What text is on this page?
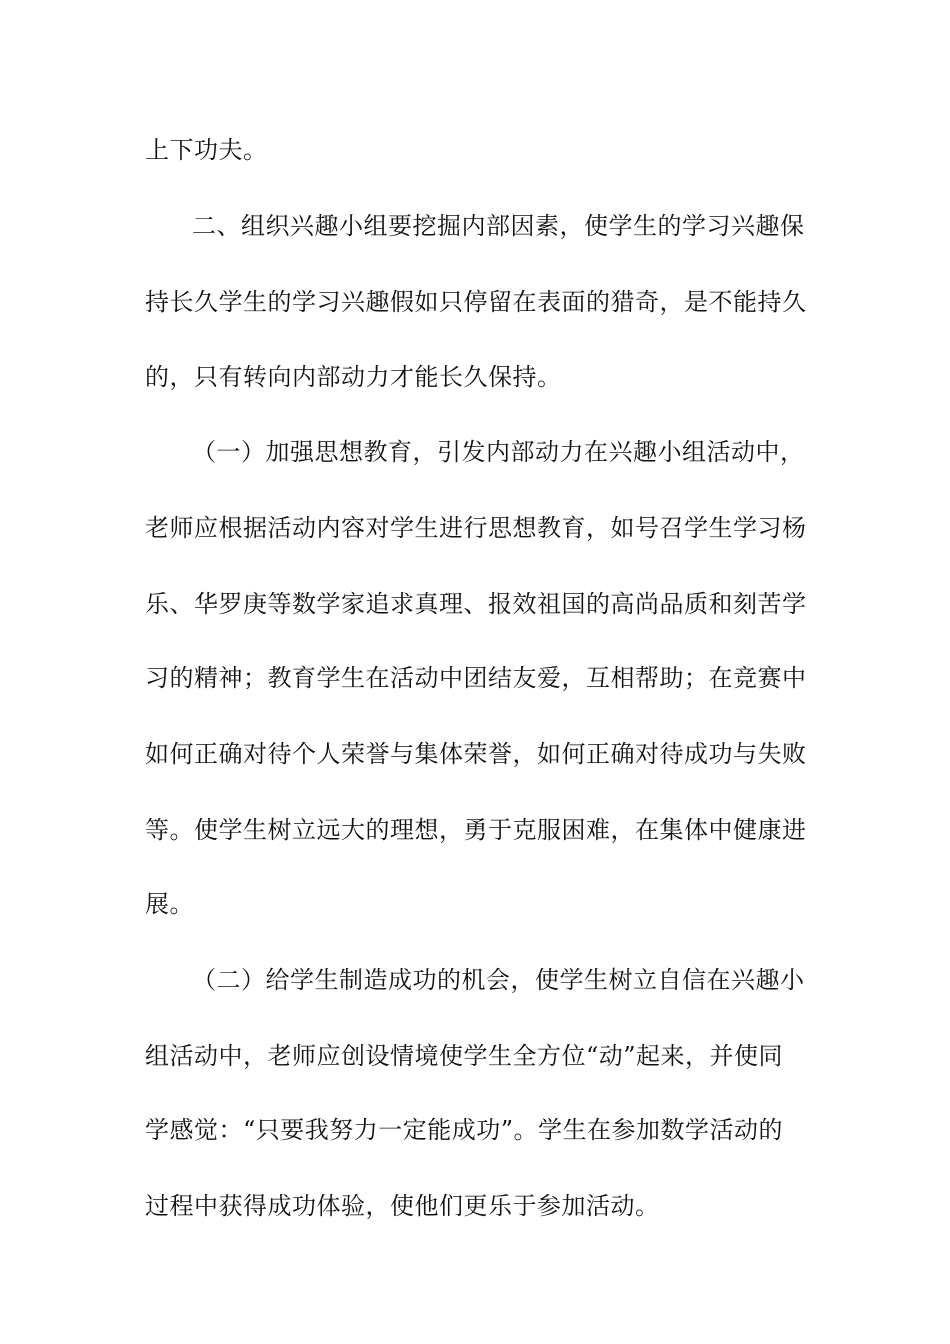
上下功夫。
二、组织兴趣小组要挖掘内部因素，使学生的学习兴趣保
持长久学生的学习兴趣假如只停留在表面的猎奇，是不能持久
的，只有转向内部动力才能长久保持。
（一）加强思想教育，引发内部动力在兴趣小组活动中，
老师应根据活动内容对学生进行思想教育，如号召学生学习杨
乐、华罗庚等数学家追求真理、报效祖国的高尚品质和刻苦学
习的精神；教育学生在活动中团结友爱，互相帮助；在竞赛中
如何正确对待个人荣誉与集体荣誉，如何正确对待成功与失败
等。使学生树立远大的理想，勇于克服困难，在集体中健康进
展。
（二）给学生制造成功的机会，使学生树立自信在兴趣小
组活动中，老师应创设情境使学生全方位“动”起来，并使同
学感觉：“只要我努力一定能成功”。学生在参加数学活动的
过程中获得成功体验，使他们更乐于参加活动。
